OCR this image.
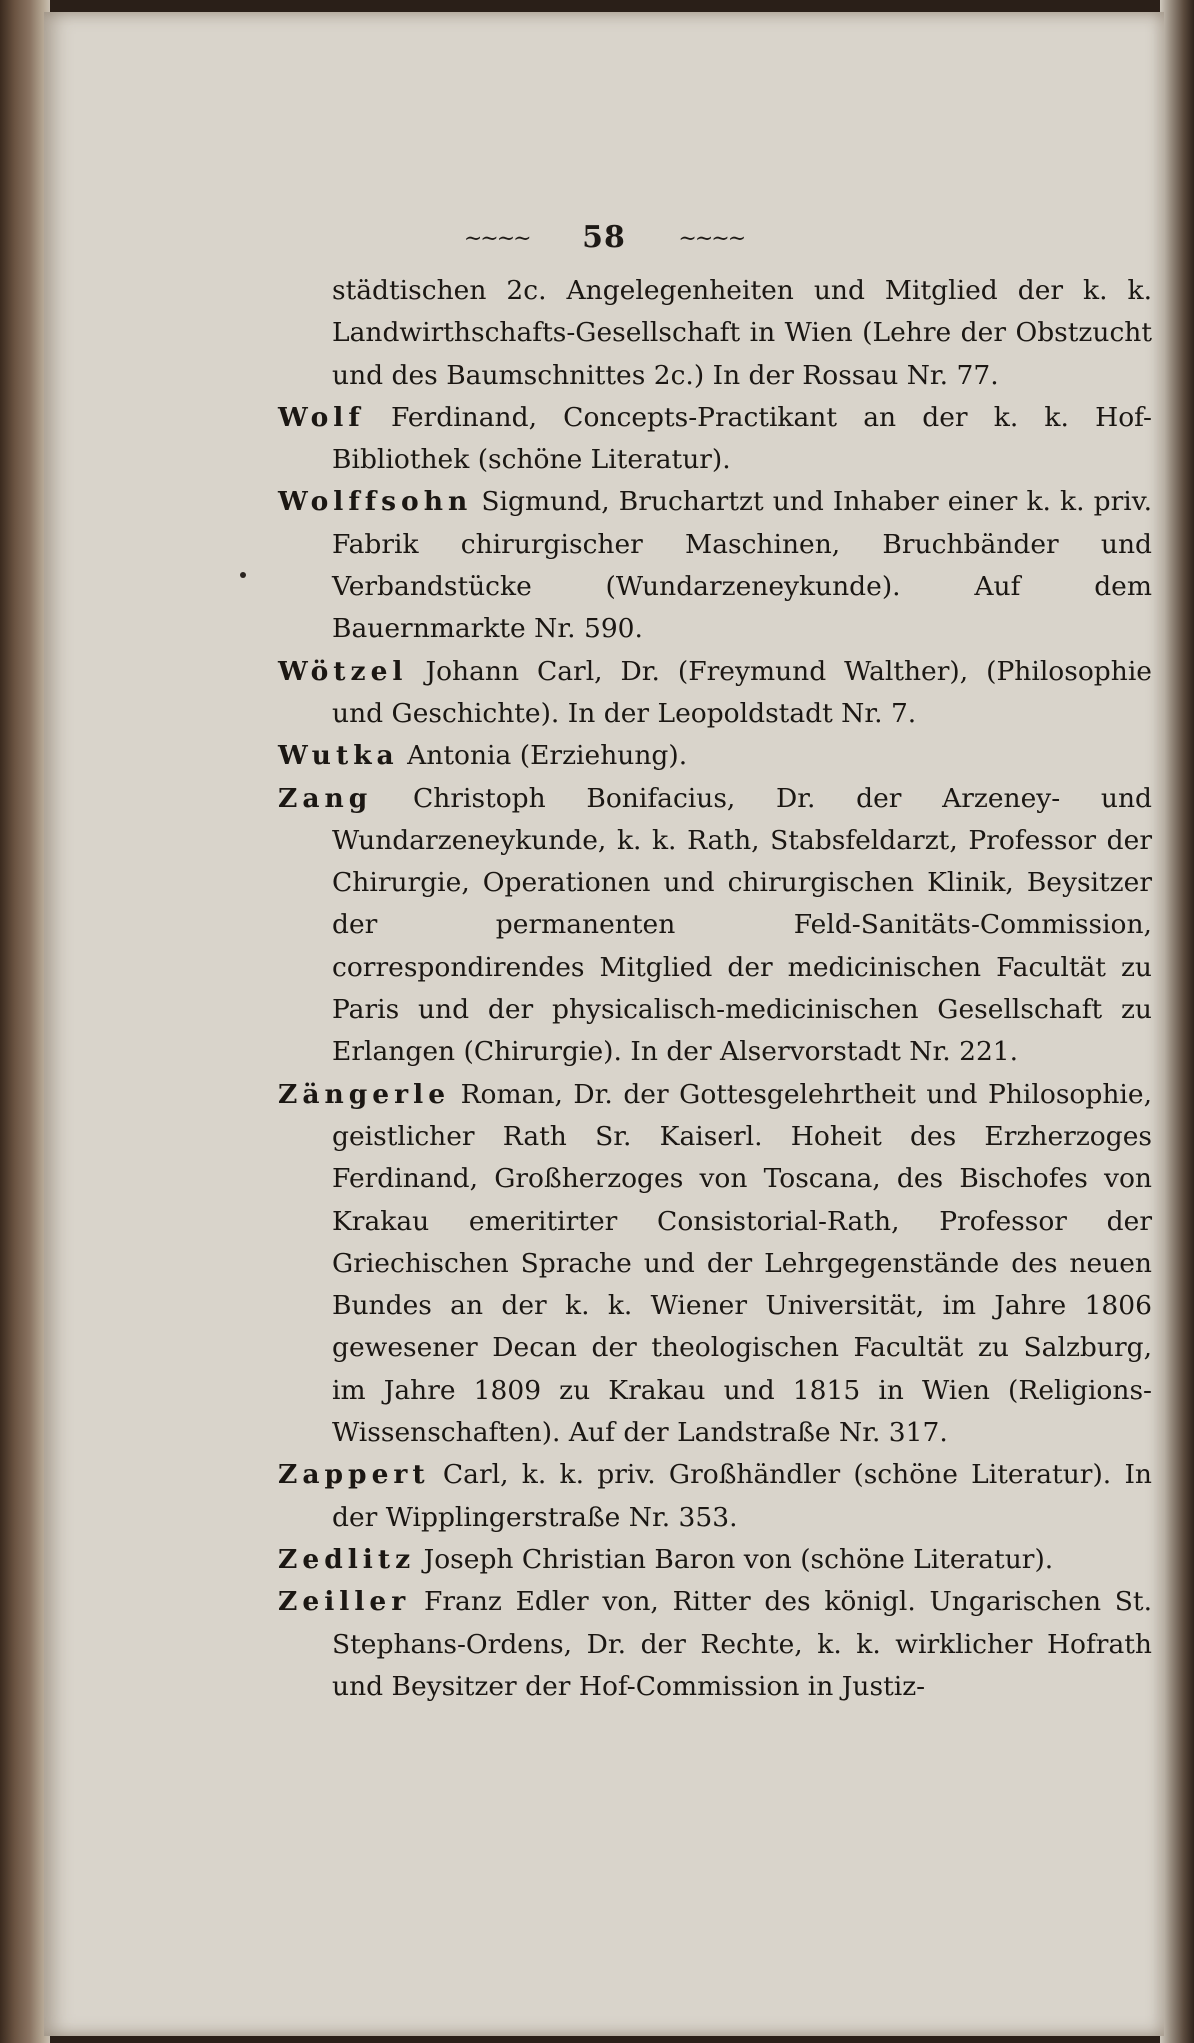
~~~~ 58 ~~~~

städtischen 2c. Angelegenheiten und Mitglied der k. k. Landwirthschafts-Gesellschaft in Wien (Lehre der Obstzucht und des Baumschnittes 2c.) In der Rossau Nr. 77.

Wolf Ferdinand, Concepts-Practikant an der k. k. Hof-Bibliothek (schöne Literatur).

Wolffsohn Sigmund, Bruchartzt und Inhaber einer k. k. priv. Fabrik chirurgischer Maschinen, Bruchbänder und Verbandstücke (Wundarzeneykunde). Auf dem Bauernmarkte Nr. 590.

Wötzel Johann Carl, Dr. (Freymund Walther), (Philosophie und Geschichte). In der Leopoldstadt Nr. 7.

Wutka Antonia (Erziehung).

Zang Christoph Bonifacius, Dr. der Arzeney- und Wundarzeneykunde, k. k. Rath, Stabsfeldarzt, Professor der Chirurgie, Operationen und chirurgischen Klinik, Beysitzer der permanenten Feld-Sanitäts-Commission, correspondirendes Mitglied der medicinischen Facultät zu Paris und der physicalisch-medicinischen Gesellschaft zu Erlangen (Chirurgie). In der Alservorstadt Nr. 221.

Zängerle Roman, Dr. der Gottesgelehrtheit und Philosophie, geistlicher Rath Sr. Kaiserl. Hoheit des Erzherzoges Ferdinand, Großherzoges von Toscana, des Bischofes von Krakau emeritirter Consistorial-Rath, Professor der Griechischen Sprache und der Lehrgegenstände des neuen Bundes an der k. k. Wiener Universität, im Jahre 1806 gewesener Decan der theologischen Facultät zu Salzburg, im Jahre 1809 zu Krakau und 1815 in Wien (Religions-Wissenschaften). Auf der Landstraße Nr. 317.

Zappert Carl, k. k. priv. Großhändler (schöne Literatur). In der Wipplingerstraße Nr. 353.

Zedlitz Joseph Christian Baron von (schöne Literatur).

Zeiller Franz Edler von, Ritter des königl. Ungarischen St. Stephans-Ordens, Dr. der Rechte, k. k. wirklicher Hofrath und Beysitzer der Hof-Commission in Justiz-
